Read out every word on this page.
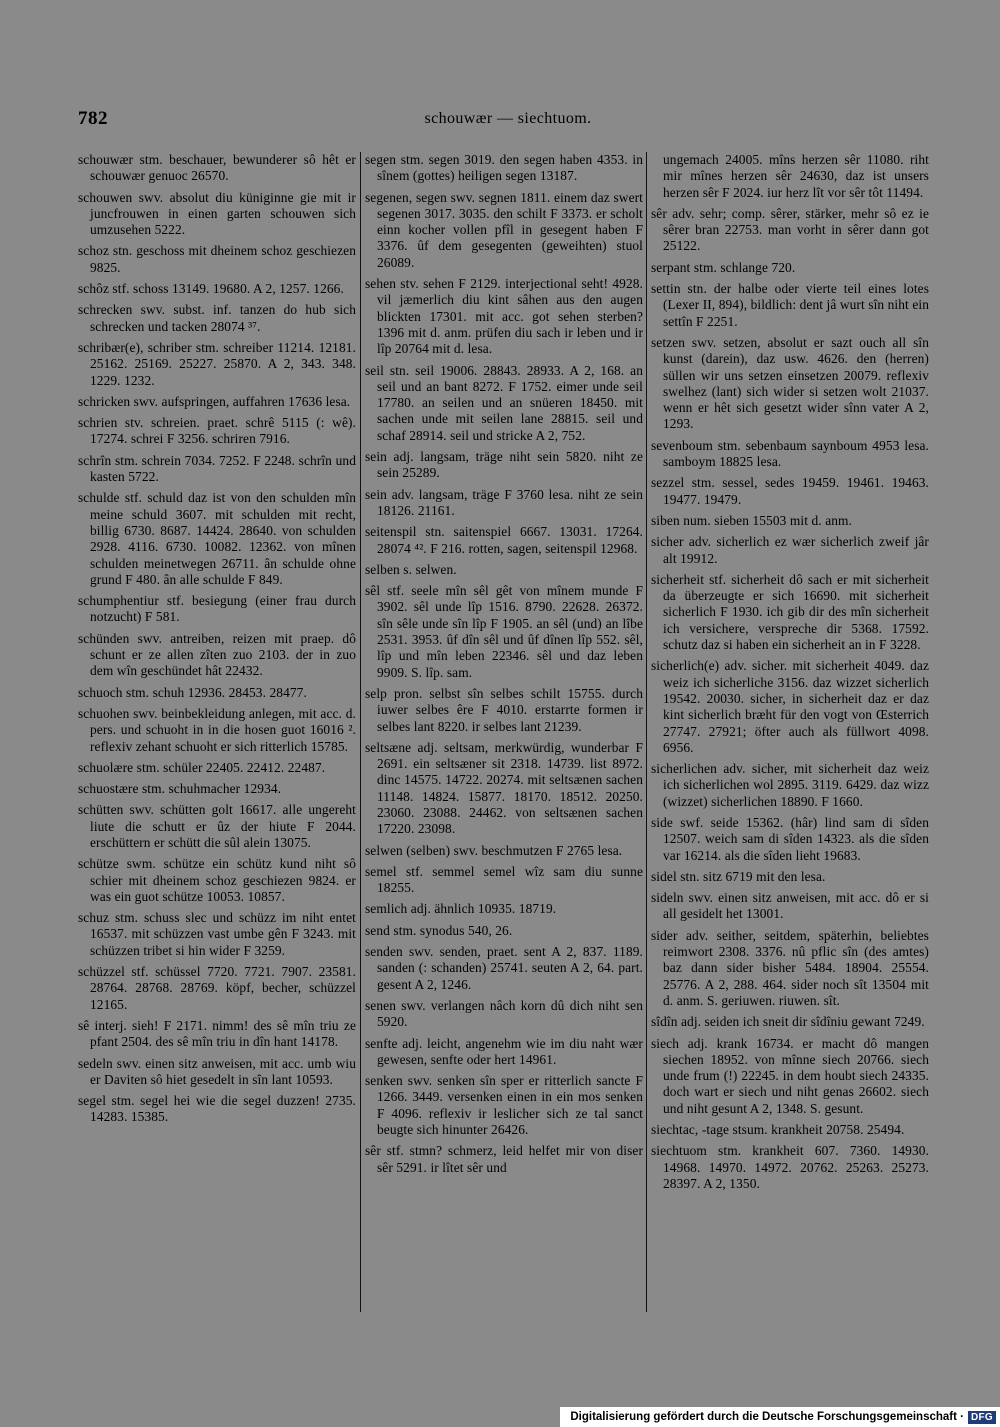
782	schouwær — siechtuom.
schouwær stm. beschauer, bewunderer sô hêt er schouwær genuoc 26570.
schouwen swv. absolut diu küniginne gie mit ir juncfrouwen in einen garten schouwen sich umzusehen 5222.
schoz stn. geschoss mit dheinem schoz geschiezen 9825.
schôz stf. schoss 13149. 19680. A 2, 1257. 1266.
schrecken swv. subst. inf. tanzen do hub sich schrecken und tacken 28074 ³⁷.
schribær(e), schriber stm. schreiber 11214. 12181. 25162. 25169. 25227. 25870. A 2, 343. 348. 1229. 1232.
schricken swv. aufspringen, auffahren 17636 lesa.
schrien stv. schreien. praet. schrê 5115 (: wê). 17274. schrei F 3256. schriren 7916.
schrîn stm. schrein 7034. 7252. F 2248. schrîn und kasten 5722.
schulde stf. schuld daz ist von den schulden mîn meine schuld 3607. mit schulden mit recht, billig 6730. 8687. 14424. 28640. von schulden 2928. 4116. 6730. 10082. 12362. von mînen schulden meinetwegen 26711. ân schulde ohne grund F 480. ân alle schulde F 849.
schumphentiur stf. besiegung (einer frau durch notzucht) F 581.
schünden swv. antreiben, reizen mit praep. dô schunt er ze allen zîten zuo 2103. der in zuo dem wîn geschündet hât 22432.
schuoch stm. schuh 12936. 28453. 28477.
schuohen swv. beinbekleidung anlegen, mit acc. d. pers. und schuoht in in die hosen guot 16016 ². reflexiv zehant schuoht er sich ritterlich 15785.
schuolære stm. schüler 22405. 22412. 22487.
schuostære stm. schuhmacher 12934.
schütten swv. schütten golt 16617. alle ungereht liute die schutt er ûz der hiute F 2044. erschüttern er schütt die sûl alein 13075.
schütze swm. schütze ein schütz kund niht sô schier mit dheinem schoz geschiezen 9824. er was ein guot schütze 10053. 10857.
schuz stm. schuss slec und schüzz im niht entet 16537. mit schüzzen vast umbe gên F 3243. mit schüzzen tribet si hin wider F 3259.
schüzzel stf. schüssel 7720. 7721. 7907. 23581. 28764. 28768. 28769. köpf, becher, schüzzel 12165.
sê interj. sieh! F 2171. nimm! des sê mîn triu ze pfant 2504. des sê mîn triu in dîn hant 14178.
sedeln swv. einen sitz anweisen, mit acc. umb wiu er Daviten sô hiet gesedelt in sîn lant 10593.
segel stm. segel hei wie die segel duzzen! 2735. 14283. 15385.
segen stm. segen 3019. den segen haben 4353. in sînem (gottes) heiligen segen 13187.
segenen, segen swv. segnen 1811. einem daz swert segenen 3017. 3035. den schilt F 3373. er scholt einn kocher vollen pfîl in gesegent haben F 3376. ûf dem gesegenten (geweihten) stuol 26089.
sehen stv. sehen F 2129. interjectional seht! 4928. vil jæmerlich diu kint sâhen aus den augen blickten 17301. mit acc. got sehen sterben? 1396 mit d. anm. prüfen diu sach ir leben und ir lîp 20764 mit d. lesa.
seil stn. seil 19006. 28843. 28933. A 2, 168. an seil und an bant 8272. F 1752. eimer unde seil 17780. an seilen und an snüeren 18450. mit sachen unde mit seilen lane 28815. seil und schaf 28914. seil und stricke A 2, 752.
sein adj. langsam, träge niht sein 5820. niht ze sein 25289.
sein adv. langsam, träge F 3760 lesa. niht ze sein 18126. 21161.
seitenspil stn. saitenspiel 6667. 13031. 17264. 28074 ⁴². F 216. rotten, sagen, seitenspil 12968.
selben s. selwen.
sêl stf. seele mîn sêl gêt von mînem munde F 3902. sêl unde lîp 1516. 8790. 22628. 26372. sîn sêle unde sîn lîp F 1905. an sêl (und) an lîbe 2531. 3953. ûf dîn sêl und ûf dînen lîp 552. sêl, lîp und mîn leben 22346. sêl und daz leben 9909. S. lîp. sam.
selp pron. selbst sîn selbes schilt 15755. durch iuwer selbes êre F 4010. erstarrte formen ir selbes lant 8220. ir selbes lant 21239.
seltsæne adj. seltsam, merkwürdig, wunderbar F 2691. ein seltsæner sit 2318. 14739. list 8972. dinc 14575. 14722. 20274. mit seltsænen sachen 11148. 14824. 15877. 18170. 18512. 20250. 23060. 23088. 24462. von seltsænen sachen 17220. 23098.
selwen (selben) swv. beschmutzen F 2765 lesa.
semel stf. semmel semel wîz sam diu sunne 18255.
semlich adj. ähnlich 10935. 18719.
send stm. synodus 540, 26.
senden swv. senden, praet. sent A 2, 837. 1189. sanden (: schanden) 25741. seuten A 2, 64. part. gesent A 2, 1246.
senen swv. verlangen nâch korn dû dich niht sen 5920.
senfte adj. leicht, angenehm wie im diu naht wær gewesen, senfte oder hert 14961.
senken swv. senken sîn sper er ritterlich sancte F 1266. 3449. versenken einen in ein mos senken F 4096. reflexiv ir leslicher sich ze tal sanct beugte sich hinunter 26426.
sêr stf. stmn? schmerz, leid helfet mir von diser sêr 5291. ir lîtet sêr und
ungemach 24005. mîns herzen sêr 11080. riht mir mînes herzen sêr 24630, daz ist unsers herzen sêr F 2024. iur herz lît vor sêr tôt 11494.
sêr adv. sehr; comp. sêrer, stärker, mehr sô ez ie sêrer bran 22753. man vorht in sêrer dann got 25122.
serpant stm. schlange 720.
settin stn. der halbe oder vierte teil eines lotes (Lexer II, 894), bildlich: dent jâ wurt sîn niht ein settîn F 2251.
setzen swv. setzen, absolut er sazt ouch all sîn kunst (darein), daz usw. 4626. den (herren) süllen wir uns setzen einsetzen 20079. reflexiv swelhez (lant) sich wider si setzen wolt 21037. wenn er hêt sich gesetzt wider sînn vater A 2, 1293.
sevenboum stm. sebenbaum saynboum 4953 lesa. samboym 18825 lesa.
sezzel stm. sessel, sedes 19459. 19461. 19463. 19477. 19479.
siben num. sieben 15503 mit d. anm.
sicher adv. sicherlich ez wær sicherlich zweif jâr alt 19912.
sicherheit stf. sicherheit dô sach er mit sicherheit da überzeugte er sich 16690. mit sicherheit sicherlich F 1930. ich gib dir des mîn sicherheit ich versichere, verspreche dir 5368. 17592. schutz daz si haben ein sicherheit an in F 3228.
sicherlich(e) adv. sicher. mit sicherheit 4049. daz weiz ich sicherliche 3156. daz wizzet sicherlich 19542. 20030. sicher, in sicherheit daz er daz kint sicherlich bræht für den vogt von Œsterrich 27747. 27921; öfter auch als füllwort 4098. 6956.
sicherlichen adv. sicher, mit sicherheit daz weiz ich sicherlichen wol 2895. 3119. 6429. daz wizz (wizzet) sicherlichen 18890. F 1660.
side swf. seide 15362. (hâr) lind sam di sîden 12507. weich sam di sîden 14323. als die sîden var 16214. als die sîden lieht 19683.
sidel stn. sitz 6719 mit den lesa.
sideln swv. einen sitz anweisen, mit acc. dô er si all gesidelt het 13001.
sider adv. seither, seitdem, späterhin, beliebtes reimwort 2308. 3376. nû pflic sîn (des amtes) baz dann sider bisher 5484. 18904. 25554. 25776. A 2, 288. 464. sider noch sît 13504 mit d. anm. S. geriuwen. riuwen. sît.
sîdîn adj. seiden ich sneit dir sîdîniu gewant 7249.
siech adj. krank 16734. er macht dô mangen siechen 18952. von mînne siech 20766. siech unde frum (!) 22245. in dem houbt siech 24335. doch wart er siech und niht genas 26602. siech und niht gesunt A 2, 1348. S. gesunt.
siechtac, -tage stsum. krankheit 20758. 25494.
siechtuom stm. krankheit 607. 7360. 14930. 14968. 14970. 14972. 20762. 25263. 25273. 28397. A 2, 1350.
Digitalisierung gefördert durch die Deutsche Forschungsgemeinschaft · DFG
